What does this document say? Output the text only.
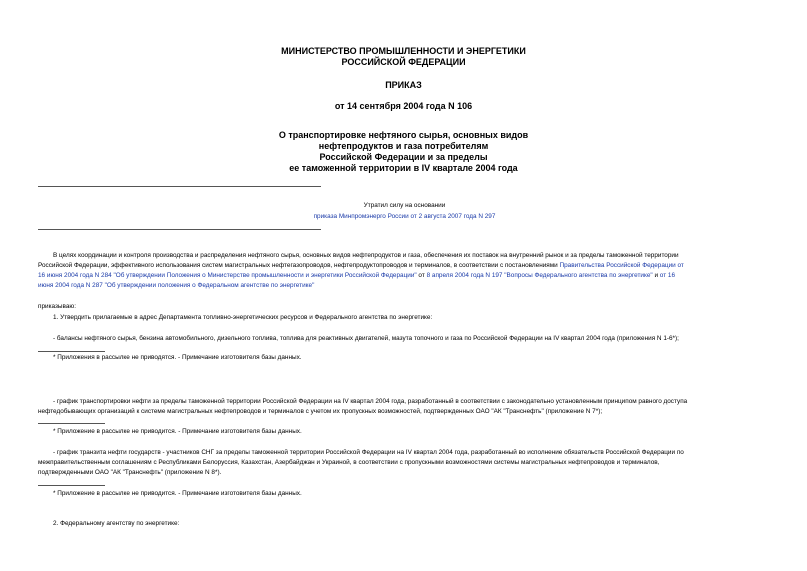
МИНИСТЕРСТВО ПРОМЫШЛЕННОСТИ И ЭНЕРГЕТИКИ
РОССИЙСКОЙ ФЕДЕРАЦИИ
ПРИКАЗ
от 14 сентября 2004 года N 106
О транспортировке нефтяного сырья, основных видов
нефтепродуктов и газа потребителям
Российской Федерации и за пределы
ее таможенной территории в IV квартале 2004 года
Утратил силу на основании
приказа Минпромэнерго России от 2 августа 2007 года N 297
В целях координации и контроля производства и распределения нефтяного сырья, основных видов нефтепродуктов и газа, обеспечения их поставок на внутренний рынок и за пределы таможенной территории
Российской Федерации, эффективного использования систем магистральных нефтегазопроводов, нефтепродуктопроводов и терминалов, в соответствии с постановлениями Правительства Российской Федерации от
16 июня 2004 года N 284 "Об утверждении Положения о Министерстве промышленности и энергетики Российской Федерации" от 8 апреля 2004 года N 197 "Вопросы Федерального агентства по энергетике" и от 16
июня 2004 года N 287 "Об утверждении положения о Федеральном агентстве по энергетике"
приказываю:
1. Утвердить прилагаемые в адрес Департамента топливно-энергетических ресурсов и Федерального агентства по энергетике:
- балансы нефтяного сырья, бензина автомобильного, дизельного топлива, топлива для реактивных двигателей, мазута топочного и газа по Российской Федерации на IV квартал 2004 года (приложения N 1-6*);
* Приложения в рассылке не приводятся. - Примечание изготовителя базы данных.
- график транспортировки нефти за пределы таможенной территории Российской Федерации на IV квартал 2004 года, разработанный в соответствии с законодательно установленным принципом равного доступа
нефтедобывающих организаций к системе магистральных нефтепроводов и терминалов с учетом их пропускных возможностей, подтвержденных ОАО "АК "Транснефть" (приложение N 7*);
* Приложение в рассылке не приводится. - Примечание изготовителя базы данных.
- график транзита нефти государств - участников СНГ за пределы таможенной территории Российской Федерации на IV квартал 2004 года, разработанный во исполнение обязательств Российской Федерации по
межправительственным соглашениям с Республиками Белоруссия, Казахстан, Азербайджан и Украиной, в соответствии с пропускными возможностями системы магистральных нефтепроводов и терминалов,
подтвержденными ОАО "АК "Транснефть" (приложение N 8*).
* Приложение в рассылке не приводится. - Примечание изготовителя базы данных.
2. Федеральному агентству по энергетике:
